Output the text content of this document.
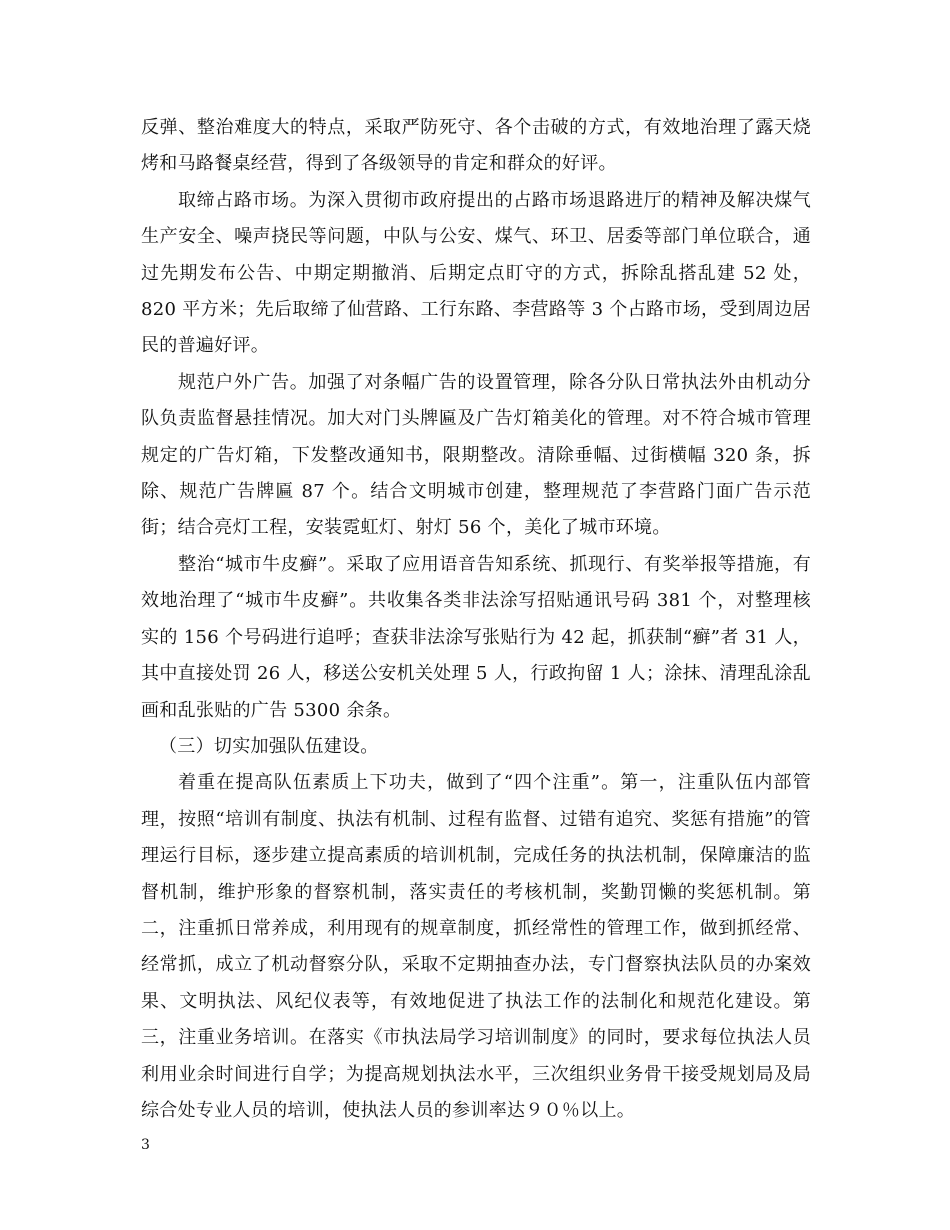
反弹、整治难度大的特点，采取严防死守、各个击破的方式，有效地治理了露天烧烤和马路餐桌经营，得到了各级领导的肯定和群众的好评。

取缔占路市场。为深入贯彻市政府提出的占路市场退路进厅的精神及解决煤气生产安全、噪声挠民等问题，中队与公安、煤气、环卫、居委等部门单位联合，通过先期发布公告、中期定期撤消、后期定点盯守的方式，拆除乱搭乱建 52 处，820 平方米；先后取缔了仙营路、工行东路、李营路等 3 个占路市场，受到周边居民的普遍好评。

规范户外广告。加强了对条幅广告的设置管理，除各分队日常执法外由机动分队负责监督悬挂情况。加大对门头牌匾及广告灯箱美化的管理。对不符合城市管理规定的广告灯箱，下发整改通知书，限期整改。清除垂幅、过街横幅 320 条，拆除、规范广告牌匾 87 个。结合文明城市创建，整理规范了李营路门面广告示范街；结合亮灯工程，安装霓虹灯、射灯 56 个，美化了城市环境。

整治“城市牛皮癣”。采取了应用语音告知系统、抓现行、有奖举报等措施，有效地治理了“城市牛皮癣”。共收集各类非法涂写招贴通讯号码 381 个，对整理核实的 156 个号码进行追呼；查获非法涂写张贴行为 42 起，抓获制“癣”者 31 人，其中直接处罚 26 人，移送公安机关处理 5 人，行政拘留 1 人；涂抹、清理乱涂乱画和乱张贴的广告 5300 余条。

（三）切实加强队伍建设。

着重在提高队伍素质上下功夫，做到了“四个注重”。第一，注重队伍内部管理，按照“培训有制度、执法有机制、过程有监督、过错有追究、奖惩有措施”的管理运行目标，逐步建立提高素质的培训机制，完成任务的执法机制，保障廉洁的监督机制，维护形象的督察机制，落实责任的考核机制，奖勤罚懒的奖惩机制。第二，注重抓日常养成，利用现有的规章制度，抓经常性的管理工作，做到抓经常、经常抓，成立了机动督察分队，采取不定期抽查办法，专门督察执法队员的办案效果、文明执法、风纪仪表等，有效地促进了执法工作的法制化和规范化建设。第三，注重业务培训。在落实《市执法局学习培训制度》的同时，要求每位执法人员利用业余时间进行自学；为提高规划执法水平，三次组织业务骨干接受规划局及局综合处专业人员的培训，使执法人员的参训率达９０％以上。

3
